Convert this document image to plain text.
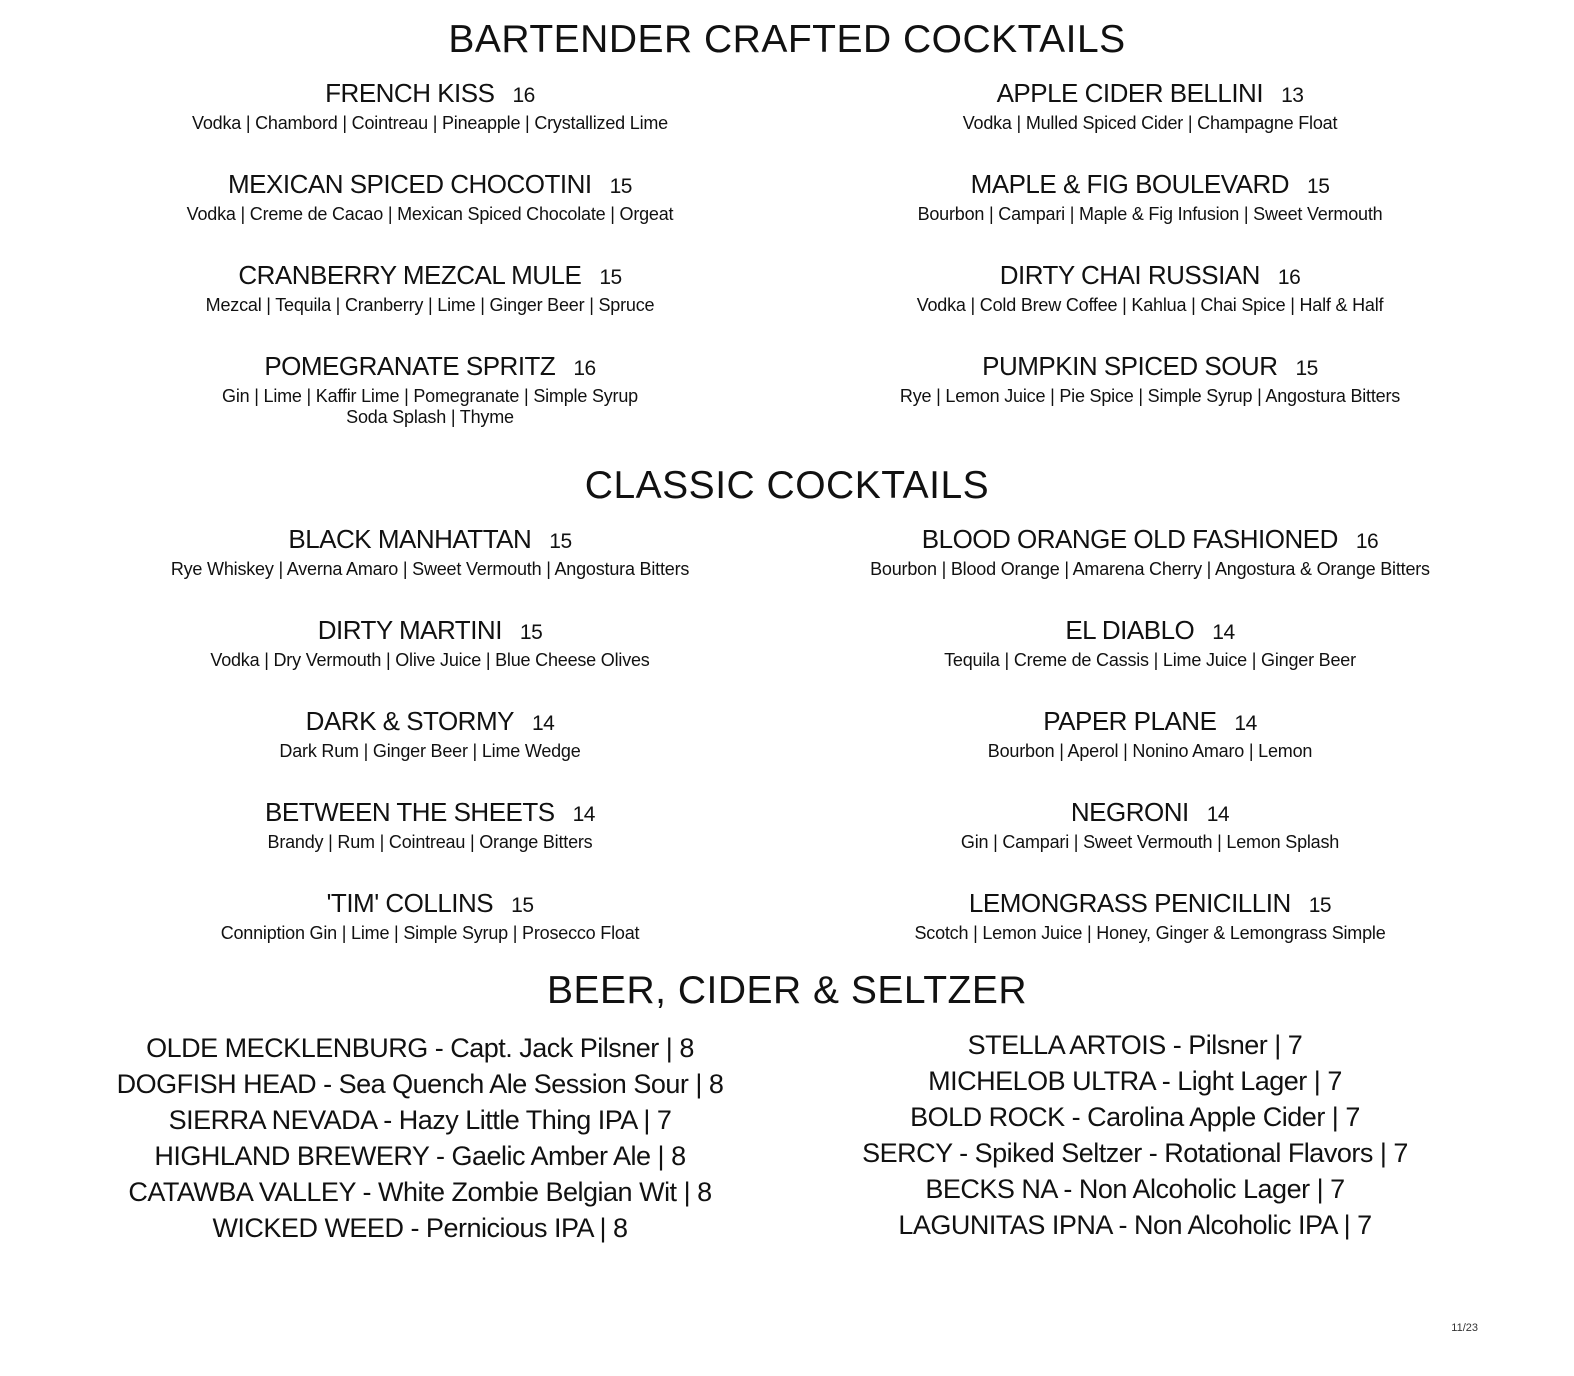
BARTENDER CRAFTED COCKTAILS
CLASSIC COCKTAILS
BEER, CIDER & SELTZER
FRENCH KISS 16
Vodka | Chambord | Cointreau | Pineapple | Crystallized Lime
MEXICAN SPICED CHOCOTINI 15
Vodka | Creme de Cacao | Mexican Spiced Chocolate | Orgeat
CRANBERRY MEZCAL MULE 15
Mezcal | Tequila | Cranberry | Lime | Ginger Beer | Spruce
POMEGRANATE SPRITZ 16
Gin | Lime | Kaffir Lime | Pomegranate | Simple Syrup
Soda Splash | Thyme
APPLE CIDER BELLINI 13
Vodka | Mulled Spiced Cider | Champagne Float
MAPLE & FIG BOULEVARD 15
Bourbon | Campari | Maple & Fig Infusion | Sweet Vermouth
DIRTY CHAI RUSSIAN 16
Vodka | Cold Brew Coffee | Kahlua | Chai Spice | Half & Half
PUMPKIN SPICED SOUR 15
Rye | Lemon Juice | Pie Spice | Simple Syrup | Angostura Bitters
BLACK MANHATTAN 15
Rye Whiskey | Averna Amaro | Sweet Vermouth | Angostura Bitters
DIRTY MARTINI 15
Vodka | Dry Vermouth | Olive Juice | Blue Cheese Olives
DARK & STORMY 14
Dark Rum | Ginger Beer | Lime Wedge
BETWEEN THE SHEETS 14
Brandy | Rum | Cointreau | Orange Bitters
'TIM' COLLINS 15
Conniption Gin | Lime | Simple Syrup | Prosecco Float
BLOOD ORANGE OLD FASHIONED 16
Bourbon | Blood Orange | Amarena Cherry | Angostura & Orange Bitters
EL DIABLO 14
Tequila | Creme de Cassis | Lime Juice | Ginger Beer
PAPER PLANE 14
Bourbon | Aperol | Nonino Amaro | Lemon
NEGRONI 14
Gin | Campari | Sweet Vermouth | Lemon Splash
LEMONGRASS PENICILLIN 15
Scotch | Lemon Juice | Honey, Ginger & Lemongrass Simple
OLDE MECKLENBURG - Capt. Jack Pilsner | 8
DOGFISH HEAD - Sea Quench Ale Session Sour | 8
SIERRA NEVADA - Hazy Little Thing IPA | 7
HIGHLAND BREWERY - Gaelic Amber Ale | 8
CATAWBA VALLEY - White Zombie Belgian Wit | 8
WICKED WEED - Pernicious IPA | 8
STELLA ARTOIS - Pilsner | 7
MICHELOB ULTRA - Light Lager | 7
BOLD ROCK - Carolina Apple Cider | 7
SERCY - Spiked Seltzer - Rotational Flavors | 7
BECKS NA - Non Alcoholic Lager | 7
LAGUNITAS IPNA - Non Alcoholic IPA | 7
11/23
